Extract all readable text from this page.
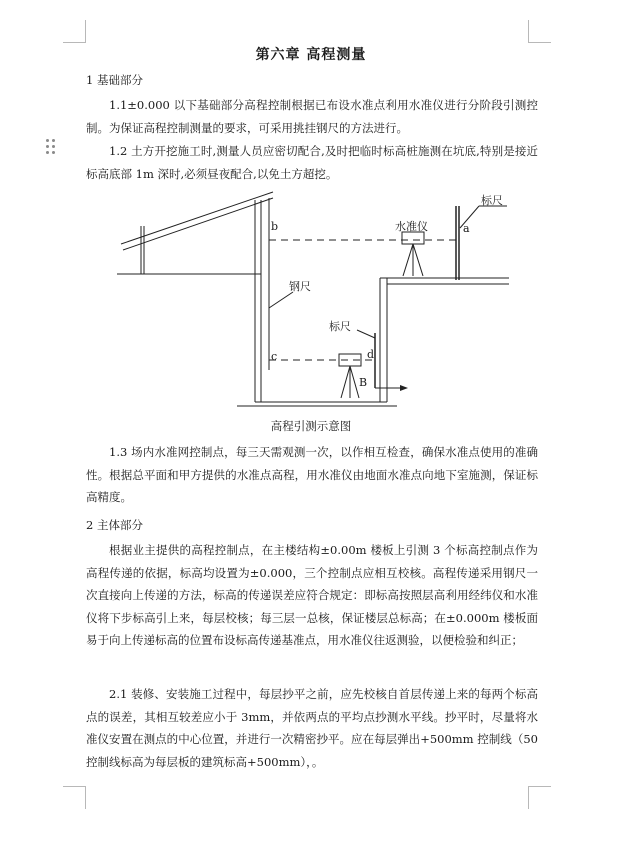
第六章 高程测量
1 基础部分

1.1±0.000 以下基础部分高程控制根据已布设水准点利用水准仪进行分阶段引测控制。为保证高程控制测量的要求，可采用挑挂钢尺的方法进行。

1.2 土方开挖施工时,测量人员应密切配合,及时把临时标高桩施测在坑底,特别是接近标高底部 1m 深时,必须昼夜配合,以免土方超挖。

b
c
a
d
B
水准仪
标尺
标尺
钢尺
高程引测示意图

1.3 场内水准网控制点，每三天需观测一次，以作相互检查，确保水准点使用的准确性。根据总平面和甲方提供的水准点高程，用水准仪由地面水准点向地下室施测，保证标高精度。

2 主体部分

根据业主提供的高程控制点，在主楼结构±0.00m 楼板上引测 3 个标高控制点作为高程传递的依据，标高均设置为±0.000，三个控制点应相互校核。高程传递采用钢尺一次直接向上传递的方法，标高的传递误差应符合规定：即标高按照层高利用经纬仪和水准仪将下步标高引上来，每层校核；每三层一总核，保证楼层总标高；在±0.000m 楼板面易于向上传递标高的位置布设标高传递基准点，用水准仪往返测验，以便检验和纠正；

2.1 装修、安装施工过程中，每层抄平之前，应先校核自首层传递上来的每两个标高点的误差，其相互较差应小于 3mm，并依两点的平均点抄测水平线。抄平时，尽量将水准仪安置在测点的中心位置，并进行一次精密抄平。应在每层弹出+500mm 控制线（50 控制线标高为每层板的建筑标高+500mm），。
